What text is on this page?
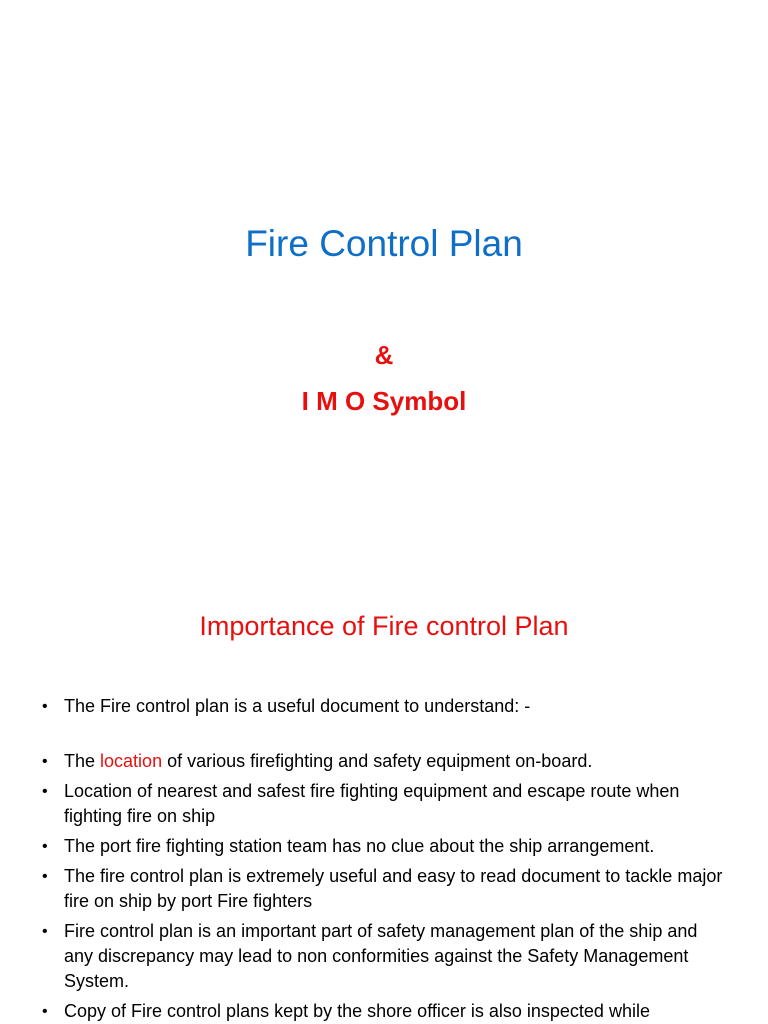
Fire Control Plan
&
I M O Symbol
Importance of Fire control Plan
• The Fire control plan is a useful document to understand: -
• The location of various firefighting and safety equipment on-board.
• Location of nearest and safest fire fighting equipment and escape route when fighting fire on ship
• The port fire fighting station team has no clue about the ship arrangement.
• The fire control plan is extremely useful and easy to read document to tackle major fire on ship by port Fire fighters
• Fire control plan is an important part of safety management plan of the ship and any discrepancy may lead to non conformities against the Safety Management System.
• Copy of Fire control plans kept by the shore officer is also inspected while
